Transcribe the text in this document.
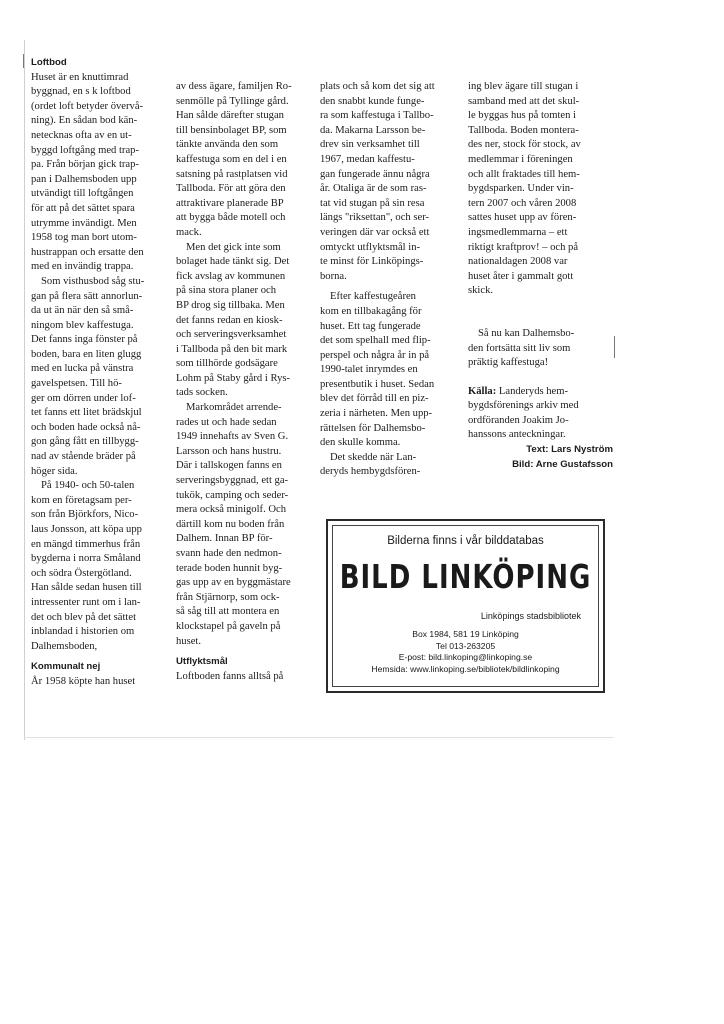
Loftbod
Huset är en knuttimrad
byggnad, en s k loftbod
(ordet loft betyder övervå-
ning). En sådan bod kän-
netecknas ofta av en ut-
byggd loftgång med trap-
pa. Från början gick trap-
pan i Dalhemsboden upp
utvändigt till loftgången
för att på det sättet spara
utrymme invändigt. Men
1958 tog man bort utom-
hustrappan och ersatte den
med en invändig trappa.
Som visthusbod såg stu-
gan på flera sätt annorlun-
da ut än när den så små-
ningom blev kaffestuga.
Det fanns inga fönster på
boden, bara en liten glugg
med en lucka på vänstra
gavelspetsen. Till hö-
ger om dörren under lof-
tet fanns ett litet brädskjul
och boden hade också nå-
gon gång fått en tillbygg-
nad av stående bräder på
höger sida.
På 1940- och 50-talen
kom en företagsam per-
son från Björkfors, Nico-
laus Jonsson, att köpa upp
en mängd timmerhus från
bygderna i norra Småland
och södra Östergötland.
Han sålde sedan husen till
intressenter runt om i lan-
det och blev på det sättet
inblandad i historien om
Dalhemsboden,
Kommunalt nej
År 1958 köpte han huset
av dess ägare, familjen Ro-
senmölle på Tyllinge gård.
Han sålde därefter stugan
till bensinbolaget BP, som
tänkte använda den som
kaffestuga som en del i en
satsning på rastplatsen vid
Tallboda. För att göra den
attraktivare planerade BP
att bygga både motell och
mack.
Men det gick inte som
bolaget hade tänkt sig. Det
fick avslag av kommunen
på sina stora planer och
BP drog sig tillbaka. Men
det fanns redan en kiosk-
och serveringsverksamhet
i Tallboda på den bit mark
som tillhörde godsägare
Lohm på Staby gård i Rys-
tads socken.
Markområdet arrende-
rades ut och hade sedan
1949 innehafts av Sven G.
Larsson och hans hustru.
Där i tallskogen fanns en
serveringsbyggnad, ett ga-
tukök, camping och seder-
mera också minigolf. Och
därtill kom nu boden från
Dalhem. Innan BP för-
svann hade den nedmon-
terade boden hunnit byg-
gas upp av en byggmästare
från Stjärnorp, som ock-
så såg till att montera en
klockstapel på gaveln på
huset.
Utflyktsmål
Loftboden fanns alltså på
plats och så kom det sig att
den snabbt kunde funge-
ra som kaffestuga i Tallbo-
da. Makarna Larsson be-
drev sin verksamhet till
1967, medan kaffestu-
gan fungerade ännu några
år. Otaliga är de som ras-
tat vid stugan på sin resa
längs "riksettan", och ser-
veringen där var också ett
omtyckt utflyktsmål in-
te minst för Linköpings-
borna.
Efter kaffestugeåren
kom en tillbakagång för
huset. Ett tag fungerade
det som spelhall med flip-
perspel och några år in på
1990-talet inrymdes en
presentbutik i huset. Sedan
blev det förråd till en piz-
zeria i närheten. Men upp-
rättelsen för Dalhemsbo-
den skulle komma.
Det skedde när Lan-
deryds hembygdsfören-
ing blev ägare till stugan i
samband med att det skul-
le byggas hus på tomten i
Tallboda. Boden montera-
des ner, stock för stock, av
medlemmar i föreningen
och allt fraktades till hem-
bygdsparken. Under vin-
tern 2007 och våren 2008
sattes huset upp av fören-
ingsmedlemmarna – ett
riktigt kraftprov! – och på
nationaldagen 2008 var
huset åter i gammalt gott
skick.
Så nu kan Dalhemsbo-
den fortsätta sitt liv som
präktig kaffestuga!
Källa: Landeryds hem-
bygdsförenings arkiv med
ordföranden Joakim Jo-
hanssons anteckningar.
Text: Lars Nyström
Bild: Arne Gustafsson
Bilderna finns i vår bilddatabas
BILD LINKÖPING
Linköpings stadsbibliotek
Box 1984, 581 19 Linköping
Tel 013-263205
E-post: bild.linkoping@linkoping.se
Hemsida: www.linkoping.se/bibliotek/bildlinkoping
